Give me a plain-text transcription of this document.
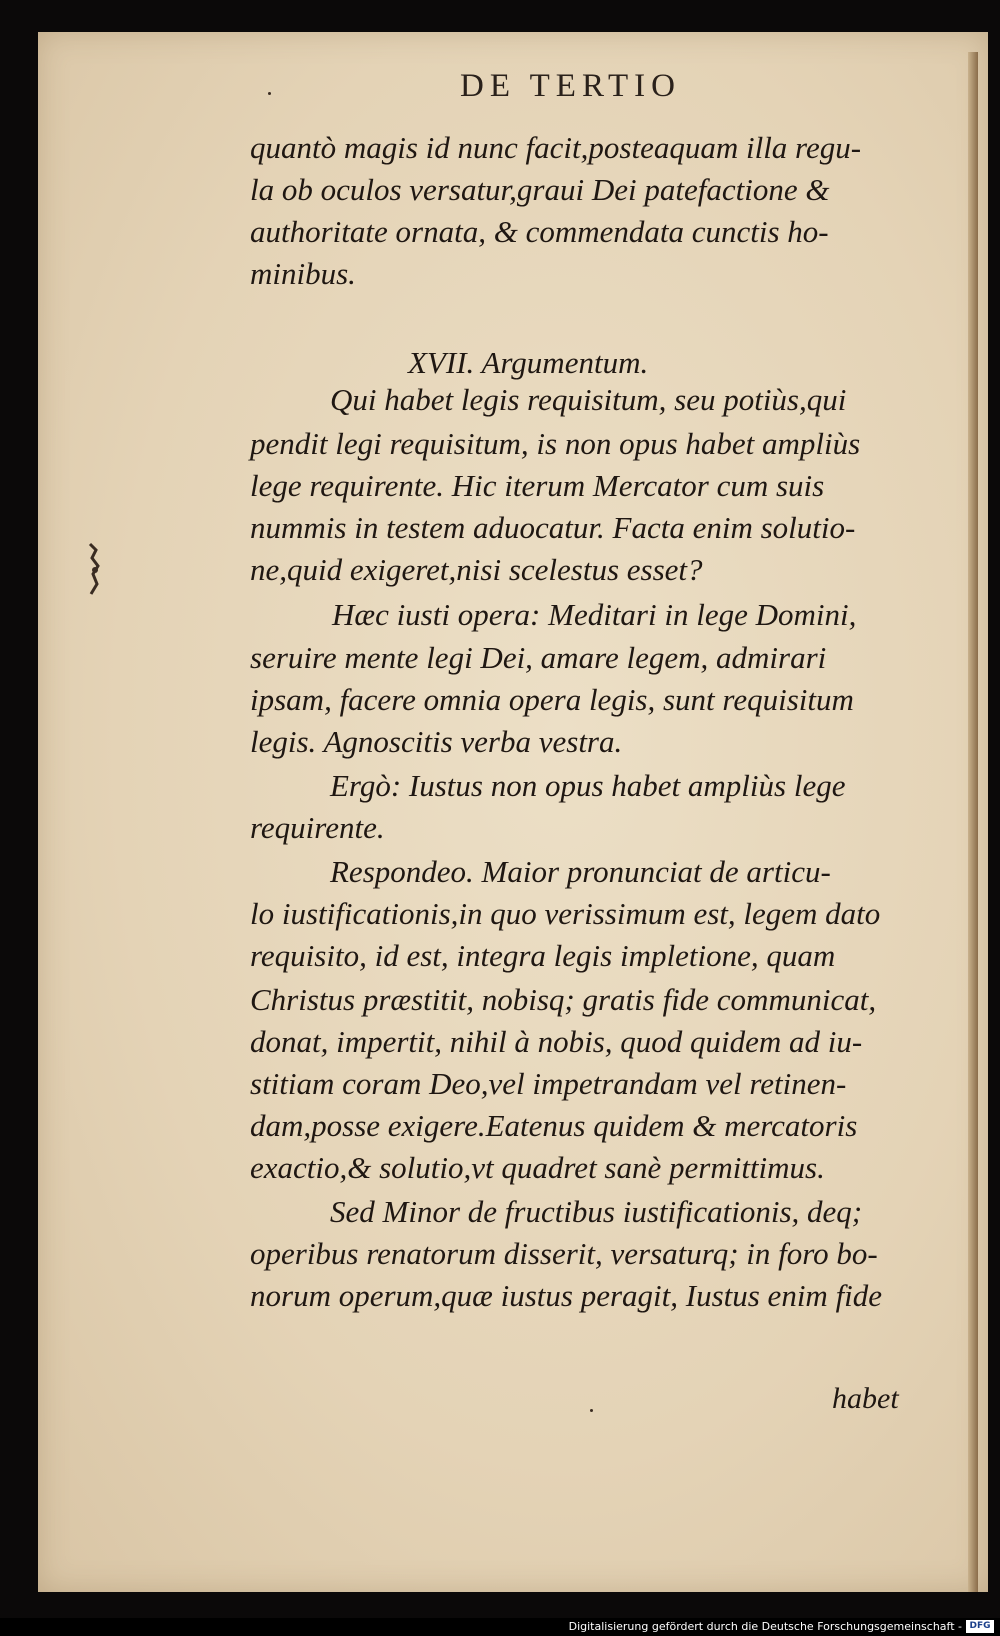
DE TERTIO
quantò magis id nunc facit,posteaquam illa regu-
la ob oculos versatur,graui Dei patefactione &
authoritate ornata, & commendata cunctis ho-
minibus.
Qui habet legis requisitum, seu potiùs,qui
pendit legi requisitum, is non opus habet ampliùs
lege requirente. Hic iterum Mercator cum suis
nummis in testem aduocatur. Facta enim solutio-
ne,quid exigeret,nisi scelestus esset?
Hæc iusti opera: Meditari in lege Domini,
seruire mente legi Dei, amare legem, admirari
ipsam, facere omnia opera legis, sunt requisitum
legis. Agnoscitis verba vestra.
Ergò: Iustus non opus habet ampliùs lege
requirente.
Respondeo. Maior pronunciat de articu-
lo iustificationis,in quo verissimum est, legem dato
requisito, id est, integra legis impletione, quam
Christus præstitit, nobisq; gratis fide communicat,
donat, impertit, nihil à nobis, quod quidem ad iu-
stitiam coram Deo,vel impetrandam vel retinen-
dam,posse exigere.Eatenus quidem & mercatoris
exactio,& solutio,vt quadret sanè permittimus.
Sed Minor de fructibus iustificationis, deq;
operibus renatorum disserit, versaturq; in foro bo-
norum operum,quæ iustus peragit, Iustus enim fide
XVII. Argumentum.
habet
Digitalisierung gefördert durch die Deutsche Forschungsgemeinschaft - DFG
